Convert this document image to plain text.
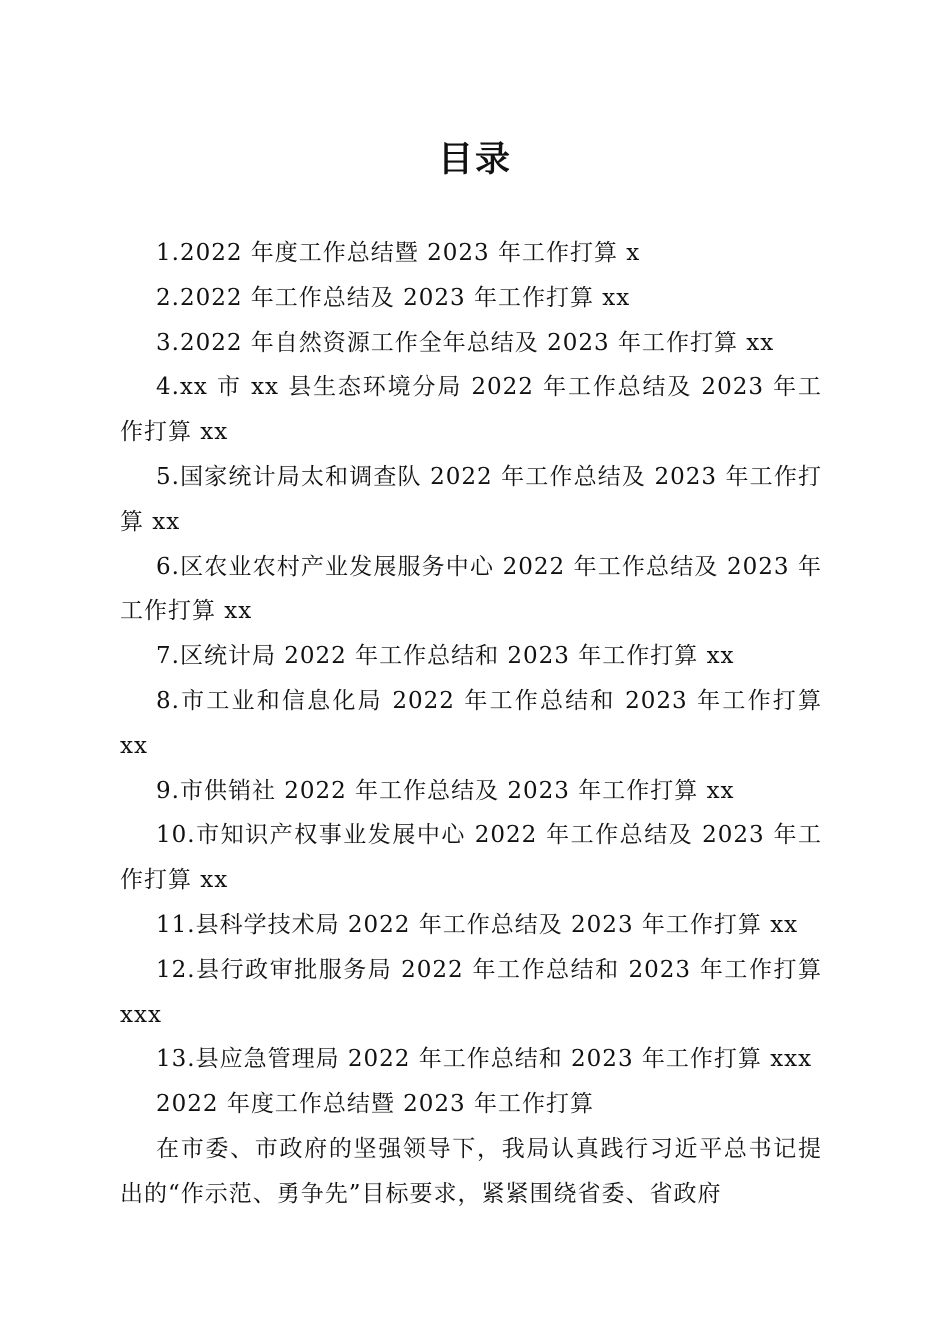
目录

1.2022 年度工作总结暨 2023 年工作打算 x

2.2022 年工作总结及 2023 年工作打算 xx

3.2022 年自然资源工作全年总结及 2023 年工作打算 xx

4.xx 市 xx 县生态环境分局 2022 年工作总结及 2023 年工作打算 xx

5.国家统计局太和调查队 2022 年工作总结及 2023 年工作打算 xx

6.区农业农村产业发展服务中心 2022 年工作总结及 2023 年工作打算 xx

7.区统计局 2022 年工作总结和 2023 年工作打算 xx

8.市工业和信息化局 2022 年工作总结和 2023 年工作打算 xx

9.市供销社 2022 年工作总结及 2023 年工作打算 xx

10.市知识产权事业发展中心 2022 年工作总结及 2023 年工作打算 xx

11.县科学技术局 2022 年工作总结及 2023 年工作打算 xx

12.县行政审批服务局 2022 年工作总结和 2023 年工作打算 xxx

13.县应急管理局 2022 年工作总结和 2023 年工作打算 xxx

2022 年度工作总结暨 2023 年工作打算

在市委、市政府的坚强领导下，我局认真践行习近平总书记提出的“作示范、勇争先”目标要求，紧紧围绕省委、省政府
